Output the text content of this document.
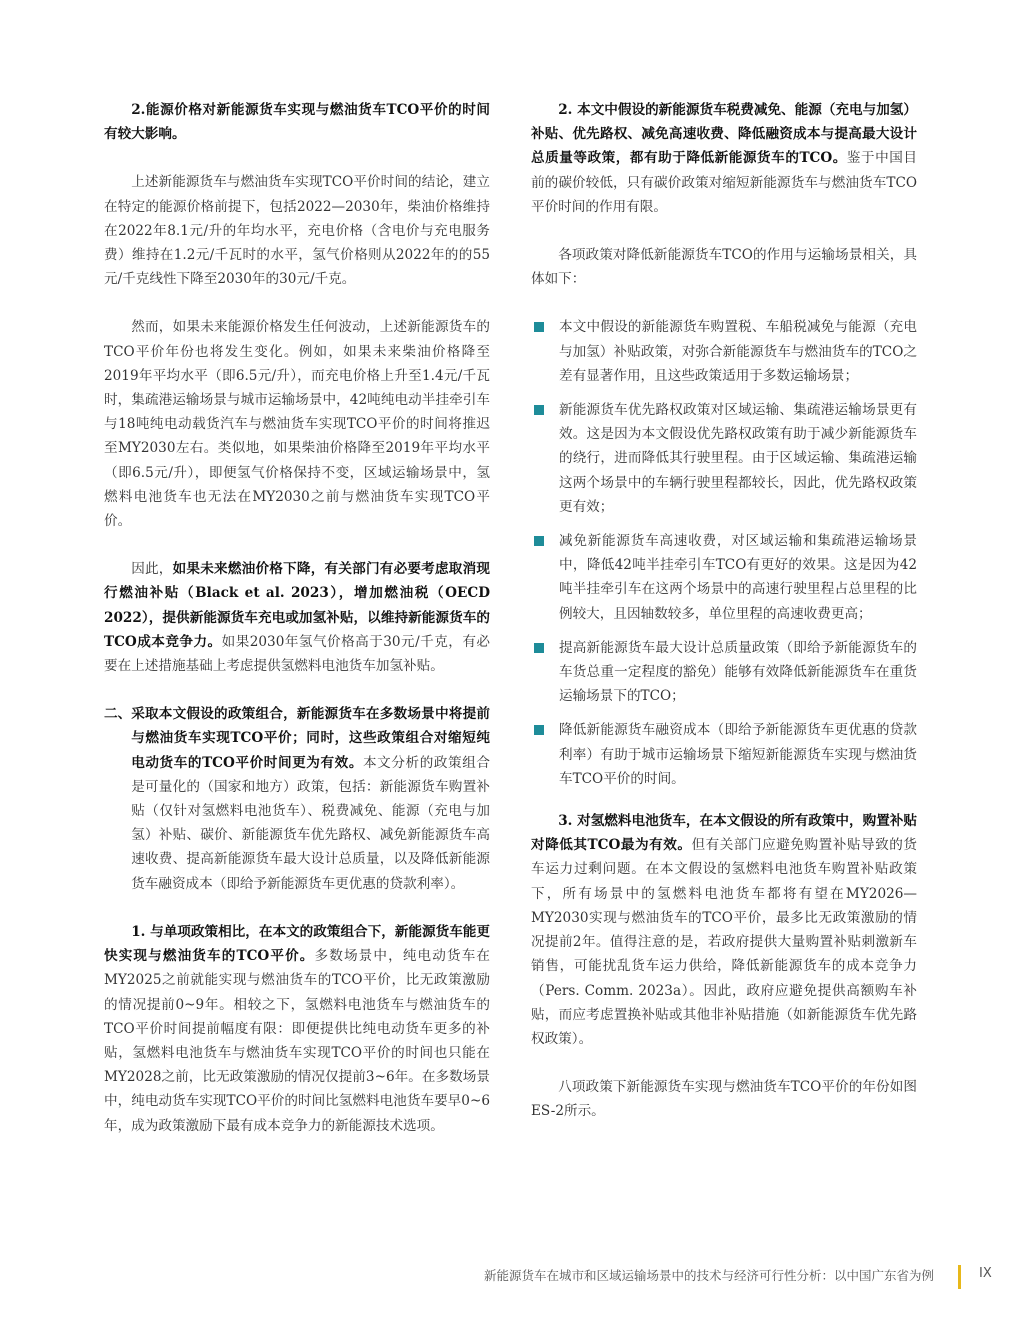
2.能源价格对新能源货车实现与燃油货车TCO平价的时间有较大影响。

上述新能源货车与燃油货车实现TCO平价时间的结论，建立在特定的能源价格前提下，包括2022—2030年，柴油价格维持在2022年8.1元/升的年均水平，充电价格（含电价与充电服务费）维持在1.2元/千瓦时的水平，氢气价格则从2022年的的55元/千克线性下降至2030年的30元/千克。

然而，如果未来能源价格发生任何波动，上述新能源货车的TCO平价年份也将发生变化。例如，如果未来柴油价格降至2019年平均水平（即6.5元/升），而充电价格上升至1.4元/千瓦时，集疏港运输场景与城市运输场景中，42吨纯电动半挂牵引车与18吨纯电动载货汽车与燃油货车实现TCO平价的时间将推迟至MY2030左右。类似地，如果柴油价格降至2019年平均水平（即6.5元/升），即便氢气价格保持不变，区域运输场景中，氢燃料电池货车也无法在MY2030之前与燃油货车实现TCO平价。

因此，如果未来燃油价格下降，有关部门有必要考虑取消现行燃油补贴（Black et al. 2023），增加燃油税（OECD 2022），提供新能源货车充电或加氢补贴，以维持新能源货车的TCO成本竞争力。如果2030年氢气价格高于30元/千克，有必要在上述措施基础上考虑提供氢燃料电池货车加氢补贴。

二、 采取本文假设的政策组合，新能源货车在多数场景中将提前与燃油货车实现TCO平价；同时，这些政策组合对缩短纯电动货车的TCO平价时间更为有效。本文分析的政策组合是可量化的（国家和地方）政策，包括：新能源货车购置补贴（仅针对氢燃料电池货车）、税费减免、能源（充电与加氢）补贴、碳价、新能源货车优先路权、减免新能源货车高速收费、提高新能源货车最大设计总质量，以及降低新能源货车融资成本（即给予新能源货车更优惠的贷款利率）。

1. 与单项政策相比，在本文的政策组合下，新能源货车能更快实现与燃油货车的TCO平价。多数场景中，纯电动货车在MY2025之前就能实现与燃油货车的TCO平价，比无政策激励的情况提前0~9年。相较之下，氢燃料电池货车与燃油货车的TCO平价时间提前幅度有限：即便提供比纯电动货车更多的补贴，氢燃料电池货车与燃油货车实现TCO平价的时间也只能在MY2028之前，比无政策激励的情况仅提前3~6年。在多数场景中，纯电动货车实现TCO平价的时间比氢燃料电池货车要早0~6年，成为政策激励下最有成本竞争力的新能源技术选项。

2. 本文中假设的新能源货车税费减免、能源（充电与加氢）补贴、优先路权、减免高速收费、降低融资成本与提高最大设计总质量等政策，都有助于降低新能源货车的TCO。鉴于中国目前的碳价较低，只有碳价政策对缩短新能源货车与燃油货车TCO平价时间的作用有限。

各项政策对降低新能源货车TCO的作用与运输场景相关，具体如下：

本文中假设的新能源货车购置税、车船税减免与能源（充电与加氢）补贴政策，对弥合新能源货车与燃油货车的TCO之差有显著作用，且这些政策适用于多数运输场景；
新能源货车优先路权政策对区域运输、集疏港运输场景更有效。这是因为本文假设优先路权政策有助于减少新能源货车的绕行，进而降低其行驶里程。由于区域运输、集疏港运输这两个场景中的车辆行驶里程都较长，因此，优先路权政策更有效；
减免新能源货车高速收费，对区域运输和集疏港运输场景中，降低42吨半挂牵引车TCO有更好的效果。这是因为42吨半挂牵引车在这两个场景中的高速行驶里程占总里程的比例较大，且因轴数较多，单位里程的高速收费更高；
提高新能源货车最大设计总质量政策（即给予新能源货车的车货总重一定程度的豁免）能够有效降低新能源货车在重货运输场景下的TCO；
降低新能源货车融资成本（即给予新能源货车更优惠的贷款利率）有助于城市运输场景下缩短新能源货车实现与燃油货车TCO平价的时间。

3. 对氢燃料电池货车，在本文假设的所有政策中，购置补贴对降低其TCO最为有效。但有关部门应避免购置补贴导致的货车运力过剩问题。在本文假设的氢燃料电池货车购置补贴政策下，所有场景中的氢燃料电池货车都将有望在MY2026—MY2030实现与燃油货车的TCO平价，最多比无政策激励的情况提前2年。值得注意的是，若政府提供大量购置补贴刺激新车销售，可能扰乱货车运力供给，降低新能源货车的成本竞争力（Pers. Comm. 2023a）。因此，政府应避免提供高额购车补贴，而应考虑置换补贴或其他非补贴措施（如新能源货车优先路权政策）。

八项政策下新能源货车实现与燃油货车TCO平价的年份如图ES-2所示。

新能源货车在城市和区域运输场景中的技术与经济可行性分析：以中国广东省为例	IX
